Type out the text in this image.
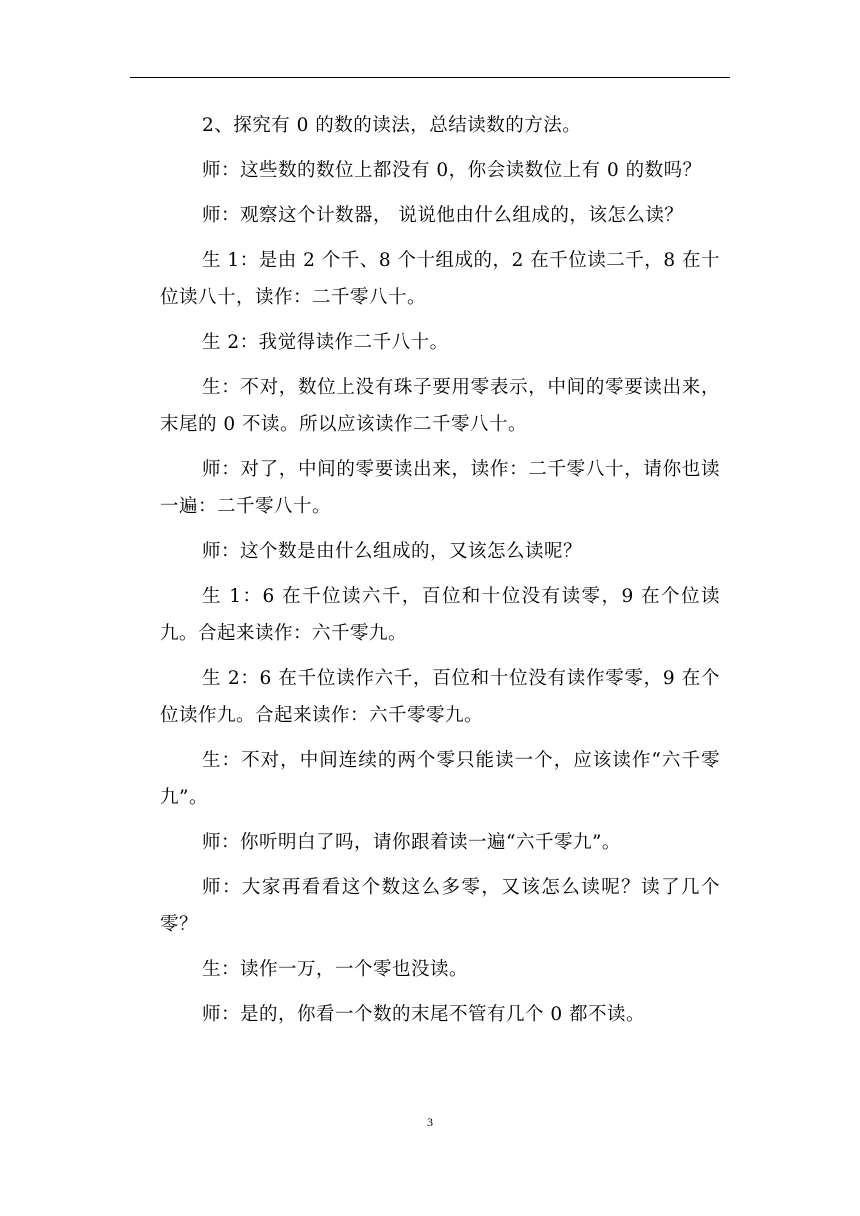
2、探究有 0 的数的读法，总结读数的方法。

师：这些数的数位上都没有 0，你会读数位上有 0 的数吗？

师：观察这个计数器， 说说他由什么组成的，该怎么读？

生 1：是由 2 个千、8 个十组成的，2 在千位读二千，8 在十位读八十，读作：二千零八十。

生 2：我觉得读作二千八十。

生：不对，数位上没有珠子要用零表示，中间的零要读出来，末尾的 0 不读。所以应该读作二千零八十。

师：对了，中间的零要读出来，读作：二千零八十，请你也读一遍：二千零八十。

师：这个数是由什么组成的，又该怎么读呢？

生 1：6 在千位读六千，百位和十位没有读零，9 在个位读九。合起来读作：六千零九。

生 2：6 在千位读作六千，百位和十位没有读作零零，9 在个位读作九。合起来读作：六千零零九。

生：不对，中间连续的两个零只能读一个，应该读作“六千零九”。

师：你听明白了吗，请你跟着读一遍“六千零九”。

师：大家再看看这个数这么多零，又该怎么读呢？读了几个零？

生：读作一万，一个零也没读。

师：是的，你看一个数的末尾不管有几个 0 都不读。

3
